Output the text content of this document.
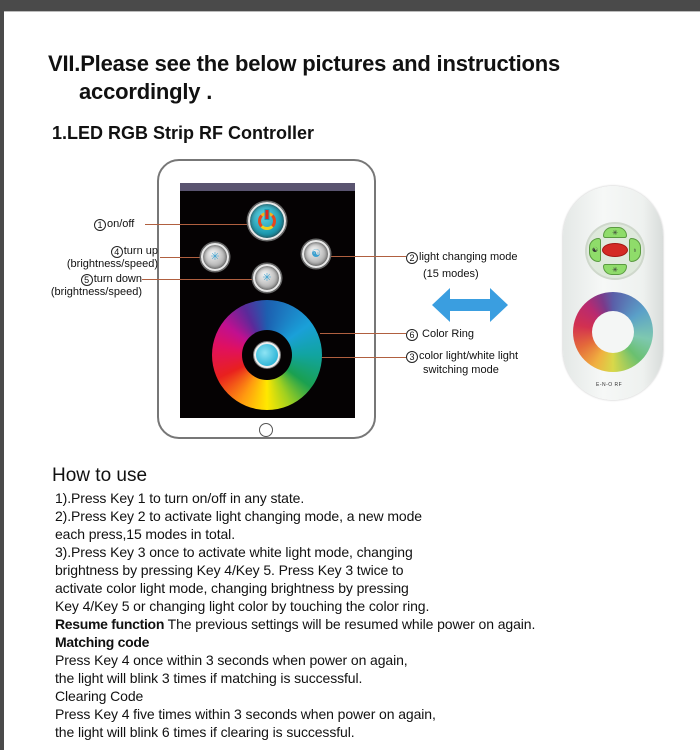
VII.Please see the below pictures and instructions
accordingly .
1.LED RGB Strip RF Controller
✳	☯
✳
1 on/off
4 turn up
(brightness/speed)
5 turn down
(brightness/speed)
2 light changing mode
(15 modes)
6 Color Ring
3 color light/white light
switching mode
✳
✳
☯	♁
E-N-O RF
How to use
1).Press Key 1 to turn on/off in any state.
2).Press Key 2 to activate light changing mode, a new mode
each press,15 modes in total.
3).Press Key 3 once to activate white light mode, changing
brightness by pressing Key 4/Key 5. Press Key 3 twice to
activate color light mode, changing brightness by pressing
Key 4/Key 5 or changing light color by touching the color ring.
Resume function The previous settings will be resumed while power on again.
Matching code
Press Key 4 once within 3 seconds when power on again,
the light will blink 3 times if matching is successful.
Clearing Code
Press Key 4 five times within 3 seconds when power on again,
the light will blink 6 times if clearing is successful.
